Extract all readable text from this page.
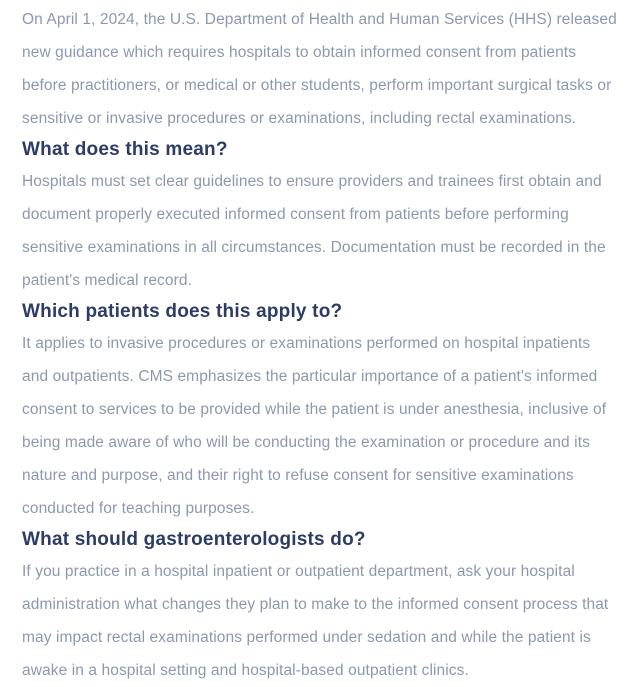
On April 1, 2024, the U.S. Department of Health and Human Services (HHS) released new guidance which requires hospitals to obtain informed consent from patients before practitioners, or medical or other students, perform important surgical tasks or sensitive or invasive procedures or examinations, including rectal examinations.

What does this mean?

Hospitals must set clear guidelines to ensure providers and trainees first obtain and document properly executed informed consent from patients before performing sensitive examinations in all circumstances. Documentation must be recorded in the patient's medical record.

Which patients does this apply to?

It applies to invasive procedures or examinations performed on hospital inpatients and outpatients. CMS emphasizes the particular importance of a patient's informed consent to services to be provided while the patient is under anesthesia, inclusive of being made aware of who will be conducting the examination or procedure and its nature and purpose, and their right to refuse consent for sensitive examinations conducted for teaching purposes.

What should gastroenterologists do?

If you practice in a hospital inpatient or outpatient department, ask your hospital administration what changes they plan to make to the informed consent process that may impact rectal examinations performed under sedation and while the patient is awake in a hospital setting and hospital-based outpatient clinics.
